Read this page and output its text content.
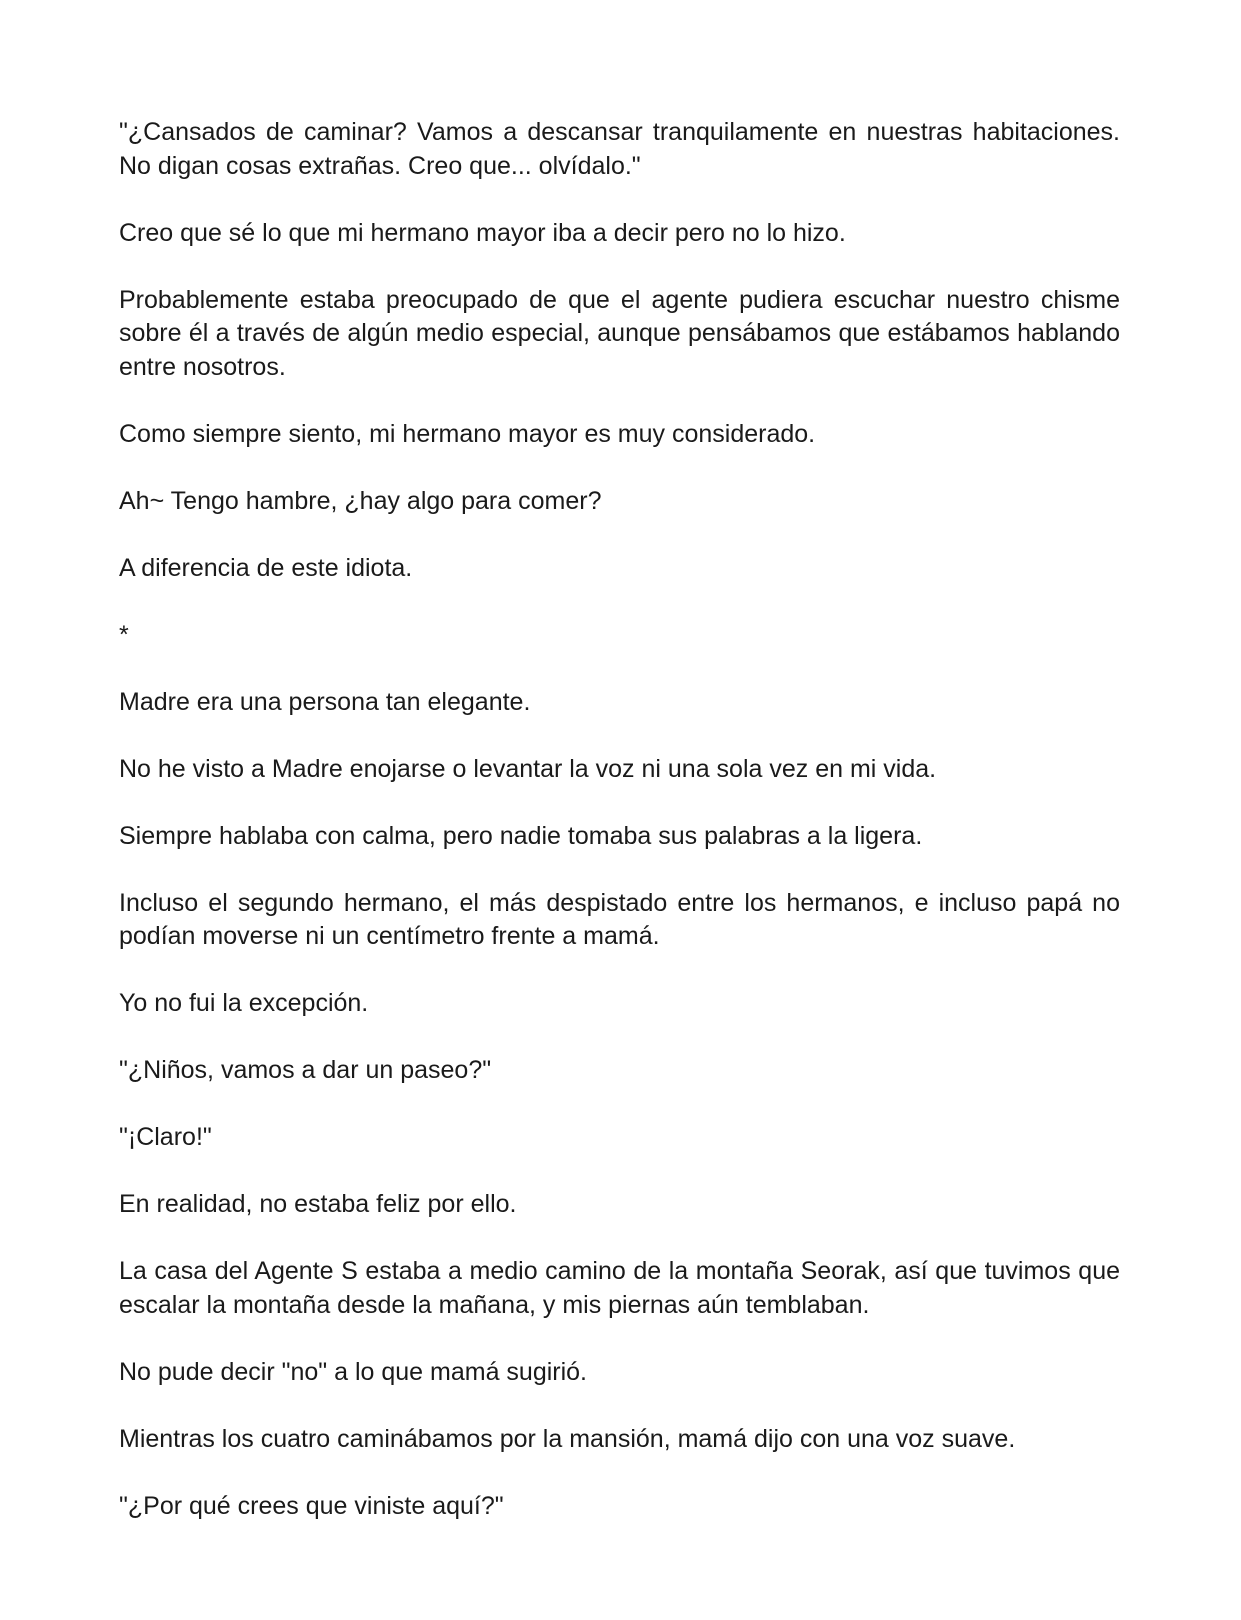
"¿Cansados de caminar? Vamos a descansar tranquilamente en nuestras habitaciones. No digan cosas extrañas. Creo que... olvídalo."

Creo que sé lo que mi hermano mayor iba a decir pero no lo hizo.

Probablemente estaba preocupado de que el agente pudiera escuchar nuestro chisme sobre él a través de algún medio especial, aunque pensábamos que estábamos hablando entre nosotros.

Como siempre siento, mi hermano mayor es muy considerado.

Ah~ Tengo hambre, ¿hay algo para comer?

A diferencia de este idiota.

*

Madre era una persona tan elegante.

No he visto a Madre enojarse o levantar la voz ni una sola vez en mi vida.

Siempre hablaba con calma, pero nadie tomaba sus palabras a la ligera.

Incluso el segundo hermano, el más despistado entre los hermanos, e incluso papá no podían moverse ni un centímetro frente a mamá.

Yo no fui la excepción.

"¿Niños, vamos a dar un paseo?"

"¡Claro!"

En realidad, no estaba feliz por ello.

La casa del Agente S estaba a medio camino de la montaña Seorak, así que tuvimos que escalar la montaña desde la mañana, y mis piernas aún temblaban.

No pude decir "no" a lo que mamá sugirió.

Mientras los cuatro caminábamos por la mansión, mamá dijo con una voz suave.

"¿Por qué crees que viniste aquí?"
